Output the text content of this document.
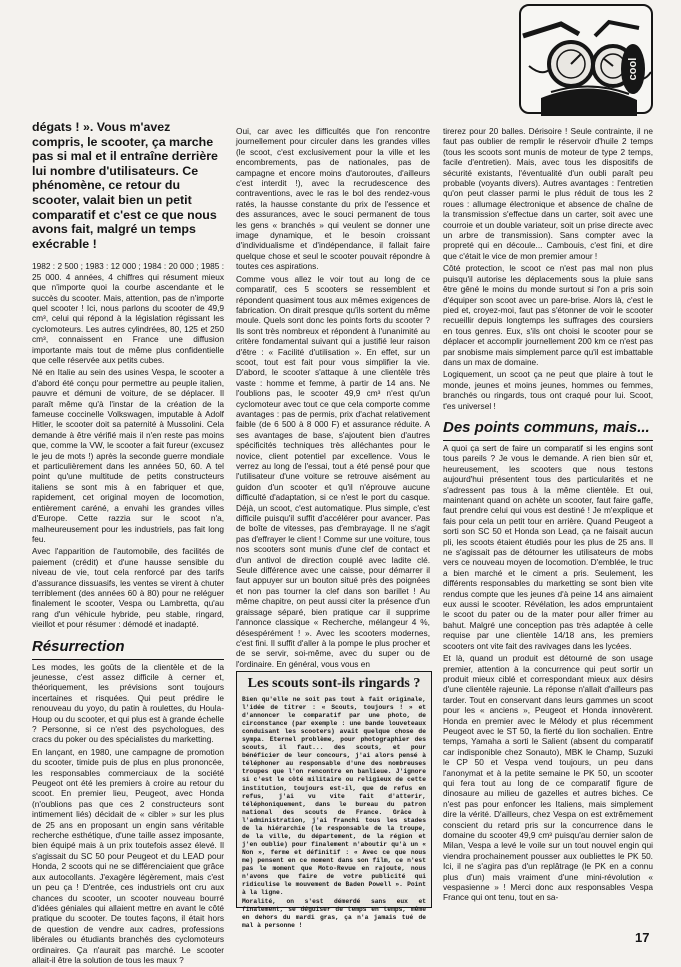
cool

dégats ! ». Vous m'avez compris, le scooter, ça marche pas si mal et il entraîne derrière lui nombre d'utilisateurs. Ce phénomène, ce retour du scooter, valait bien un petit comparatif et c'est ce que nous avons fait, malgré un temps exécrable !

1982 : 2 500 ; 1983 : 12 000 ; 1984 : 20 000 ; 1985 : 25 000. 4 années, 4 chiffres qui résument mieux que n'importe quoi la courbe ascendante et le succès du scooter. Mais, attention, pas de n'importe quel scooter ! Ici, nous parlons du scooter de 49,9 cm³, celui qui répond à la législation régissant les cyclomoteurs. Les autres cylindrées, 80, 125 et 250 cm³, connaissent en France une diffusion importante mais tout de même plus confidentielle que celle réservée aux petits cubes.

Né en Italie au sein des usines Vespa, le scooter a d'abord été conçu pour permettre au peuple italien, pauvre et démuni de voiture, de se déplacer. Il paraît même qu'à l'instar de la création de la fameuse coccinelle Volkswagen, imputable à Adolf Hitler, le scooter doit sa paternité à Mussolini. Cela demande à être vérifié mais il n'en reste pas moins que, comme la VW, le scooter a fait fureur (excusez le jeu de mots !) après la seconde guerre mondiale et particulièrement dans les années 50, 60. A tel point qu'une multitude de petits constructeurs italiens se sont mis à en fabriquer et que, rapidement, cet original moyen de locomotion, entièrement caréné, a envahi les grandes villes d'Europe. Cette razzia sur le scoot n'a, malheureusement pour les industriels, pas fait long feu.

Avec l'apparition de l'automobile, des facilités de paiement (crédit) et d'une hausse sensible du niveau de vie, tout cela renforcé par des tarifs d'assurance dissuasifs, les ventes se virent à chuter terriblement (des années 60 à 80) pour ne reléguer finalement le scooter, Vespa ou Lambretta, qu'au rang d'un véhicule hybride, peu stable, ringard, vieillot et pour résumer : démodé et inadapté.

Résurrection

Les modes, les goûts de la clientèle et de la jeunesse, c'est assez difficile à cerner et, théoriquement, les prévisions sont toujours incertaines et risquées. Qui peut prédire le renouveau du yoyo, du patin à roulettes, du Houla-Houp ou du scooter, et qui plus est à grande échelle ? Personne, si ce n'est des psychologues, des cracs du poker ou des spécialistes du marketting.

En lançant, en 1980, une campagne de promotion du scooter, timide puis de plus en plus prononcée, les responsables commerciaux de la société Peugeot ont été les premiers à croire au retour du scoot. En premier lieu, Peugeot, avec Honda (n'oublions pas que ces 2 constructeurs sont intimement liés) décidait de « cibler » sur les plus de 25 ans en proposant un engin sans véritable recherche esthétique, d'une taille assez imposante, bien équipé mais à un prix toutefois assez élevé. Il s'agissait du SC 50 pour Peugeot et du LEAD pour Honda, 2 scoots qui ne se différenciaient que grâce aux autocollants. J'exagère légèrement, mais c'est un peu ça ! D'entrée, ces industriels ont cru aux chances du scooter, un scooter nouveau bourré d'idées géniales qui allaient mettre en avant le côté pratique du scooter. De toutes façons, il était hors de question de vendre aux cadres, professions libérales ou étudiants branchés des cyclomoteurs ordinaires. Ça n'aurait pas marché. Le scooter allait-il être la solution de tous les maux ?

Oui, car avec les difficultés que l'on rencontre journellement pour circuler dans les grandes villes (le scoot, c'est exclusivement pour la ville et les encombrements, pas de nationales, pas de campagne et encore moins d'autoroutes, d'ailleurs c'est interdit !), avec la recrudescence des contraventions, avec le ras le bol des rendez-vous ratés, la hausse constante du prix de l'essence et des assurances, avec le souci permanent de tous les gens « branchés » qui veulent se donner une image dynamique, et le besoin croissant d'individualisme et d'indépendance, il fallait faire quelque chose et seul le scooter pouvait répondre à toutes ces aspirations.

Comme vous allez le voir tout au long de ce comparatif, ces 5 scooters se ressemblent et répondent quasiment tous aux mêmes exigences de fabrication. On dirait presque qu'ils sortent du même moule. Quels sont donc les points forts du scooter ? Ils sont très nombreux et répondent à l'unanimité au critère fondamental suivant qui a justifié leur raison d'être : « Facilité d'utilisation ». En effet, sur un scoot, tout est fait pour vous simplifier la vie. D'abord, le scooter s'attaque à une clientèle très vaste : homme et femme, à partir de 14 ans. Ne l'oublions pas, le scooter 49,9 cm³ n'est qu'un cyclomoteur avec tout ce que cela comporte comme avantages : pas de permis, prix d'achat relativement faible (de 6 500 à 8 000 F) et assurance réduite. A ses avantages de base, s'ajoutent bien d'autres spécificités techniques très alléchantes pour le novice, client potentiel par excellence. Vous le verrez au long de l'essai, tout a été pensé pour que l'utilisateur d'une voiture se retrouve aisément au guidon d'un scooter et qu'il n'éprouve aucune difficulté d'adaptation, si ce n'est le port du casque. Déjà, un scoot, c'est automatique. Plus simple, c'est difficile puisqu'il suffit d'accélérer pour avancer. Pas de boîte de vitesses, pas d'embrayage. Il ne s'agit pas d'effrayer le client ! Comme sur une voiture, tous nos scooters sont munis d'une clef de contact et d'un antivol de direction couplé avec ladite clé. Seule différence avec une caisse, pour démarrer il faut appuyer sur un bouton situé près des poignées et non pas tourner la clef dans son barillet ! Au même chapitre, on peut aussi citer la présence d'un graissage séparé, bien pratique car il supprime l'annonce classique « Recherche, mélangeur 4 %, désespérément ! ». Avec les scooters modernes, c'est fini. Il suffit d'aller à la pompe le plus procher et de se servir, soi-même, avec du super ou de l'ordinaire. En général, vous vous en

Les scouts sont-ils ringards ?

Bien qu'elle ne soit pas tout à fait originale, l'idée de titrer : « Scouts, toujours ! » et d'annoncer le comparatif par une photo, de circonstance (par exemple : une bande louveteaux conduisant les scooters) avait quelque chose de sympa. Eternel problème, pour photographier des scouts, il faut... des scouts, et pour bénéficier de leur concours, j'ai alors pensé à téléphoner au responsable d'une des nombreuses troupes que l'on rencontre en banlieue. J'ignore si c'est le côté militaire ou religieux de cette institution, toujours est-il, que de refus en refus, j'ai vu vite fait d'atterir, téléphoniquement, dans le bureau du patron national des scouts de France. Grâce à l'administration, j'ai franchi tous les stades de la hiérarchie (le responsable de la troupe, de la ville, du département, de la région et j'en oublie) pour finalement n'aboutir qu'à un « Non », ferme et définitif : « Avec ce que nous me) pensent en ce moment dans son film, ce n'est pas le moment que Moto-Revue en rajoute, nous n'avons que faire de votre publicité qui ridiculise le mouvement de Baden Powell ». Point à la ligne.

Moralité, on s'est démerdé sans eux et finalement, se déguiser de temps en temps, même en dehors du mardi gras, ça n'a jamais tué de mal à personne !

tirerez pour 20 balles. Dérisoire ! Seule contrainte, il ne faut pas oublier de remplir le réservoir d'huile 2 temps (tous les scoots sont munis de moteur de type 2 temps, facile d'entretien). Mais, avec tous les dispositifs de sécurité existants, l'éventualité d'un oubli paraît peu probable (voyants divers). Autres avantages : l'entretien qu'on peut classer parmi le plus réduit de tous les 2 roues : allumage électronique et absence de chaîne de la transmission s'effectue dans un carter, soit avec une courroie et un double variateur, soit un prise directe avec un arbre de transmission). Sans compter avec la propreté qui en découle... Cambouis, c'est fini, et dire que c'était le vice de mon premier amour !

Côté protection, le scoot ce n'est pas mal non plus puisqu'il autorise les déplacements sous la pluie sans être gêné le moins du monde surtout si l'on a pris soin d'équiper son scoot avec un pare-brise. Alors là, c'est le pied et, croyez-moi, faut pas s'étonner de voir le scooter recueillir depuis longtemps les suffrages des coursiers en tous genres. Eux, s'ils ont choisi le scooter pour se déplacer et accomplir journellement 200 km ce n'est pas par snobisme mais simplement parce qu'il est imbattable dans un max de domaine.

Logiquement, un scoot ça ne peut que plaire à tout le monde, jeunes et moins jeunes, hommes ou femmes, branchés ou ringards, tous ont craqué pour lui. Scoot, t'es universel !

Des points communs, mais...

A quoi ça sert de faire un comparatif si les engins sont tous pareils ? Je vous le demande. A rien bien sûr et, heureusement, les scooters que nous testons aujourd'hui présentent tous des particularités et ne s'adressent pas tous à la même clientèle. Et oui, maintenant quand on achète un scooter, faut faire gaffe, faut prendre celui qui vous est destiné ! Je m'explique et fais pour cela un petit tour en arrière. Quand Peugeot a sorti son SC 50 et Honda son Lead, ça ne faisait aucun pli, les scoots étaient étudiés pour les plus de 25 ans. Il ne s'agissait pas de détourner les utilisateurs de mobs vers ce nouveau moyen de locomotion. D'emblée, le truc a bien marché et le ciment a pris. Seulement, les différents responsables du marketting se sont bien vite rendus compte que les jeunes d'à peine 14 ans aimaient eux aussi le scooter. Révélation, les ados empruntaient le scoot du pater ou de la mater pour aller frimer au bahut. Malgré une conception pas très adaptée à celle requise par une clientèle 14/18 ans, les premiers scooters ont vite fait des ravivages dans les lycées.

Et là, quand un produit est détourné de son usage premier, attention à la concurrence qui peut sortir un produit mieux ciblé et correspondant mieux aux désirs d'une clientèle rajeunie. La réponse n'allait d'ailleurs pas tarder. Tout en conservant dans leurs gammes un scoot pour les « anciens », Peugeot et Honda innovèrent. Honda en premier avec le Mélody et plus récemment Peugeot avec le ST 50, la fierté du lion sochalien. Entre temps, Yamaha a sorti le Salient (absent du comparatif car indisponible chez Sonauto), MBK le Champ, Suzuki le CP 50 et Vespa vend toujours, un peu dans l'anonymat et à la petite semaine le PK 50, un scooter qui fera tout au long de ce comparatif figure de dinosaure au milieu de gazelles et autres biches. Ce n'est pas pour enfoncer les Italiens, mais simplement dire la vérité. D'ailleurs, chez Vespa on est extrêmement conscient du retard pris sur la concurrence dans le domaine du scooter 49,9 cm³ puisqu'au dernier salon de Milan, Vespa a levé le voile sur un tout nouvel engin qui viendra prochainement pousser aux oubliettes le PK 50. Ici, il ne s'agira pas d'un replâtrage (le PK en a connu plus d'un) mais vraiment d'une mini-révolution « vespasienne » ! Merci donc aux responsables Vespa France qui ont tenu, tout en sa-

17
